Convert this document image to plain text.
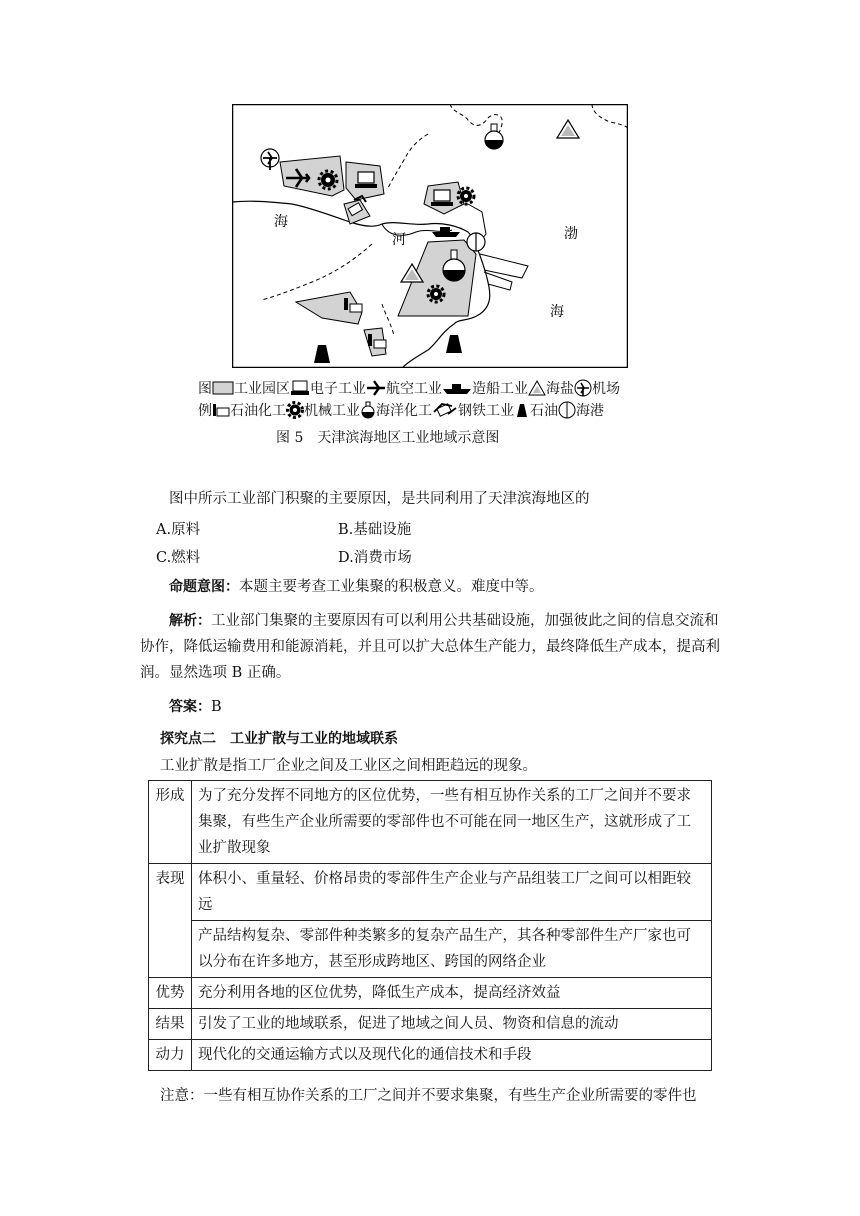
海
河	渤
海
图 工业园区 电子工业 航空工业 造船工业 海盐 机场
例 石油化工 机械工业 海洋化工 钢铁工业 石油 海港
图 5　天津滨海地区工业地域示意图
图中所示工业部门积聚的主要原因，是共同利用了天津滨海地区的
A.原料	B.基础设施
C.燃料	D.消费市场
命题意图：本题主要考查工业集聚的积极意义。难度中等。
解析：工业部门集聚的主要原因有可以利用公共基础设施，加强彼此之间的信息交流和协作，降低运输费用和能源消耗，并且可以扩大总体生产能力，最终降低生产成本，提高利润。显然选项 B 正确。
答案：B
探究点二　工业扩散与工业的地域联系
工业扩散是指工厂企业之间及工业区之间相距趋远的现象。
形成	为了充分发挥不同地方的区位优势，一些有相互协作关系的工厂之间并不要求集聚，有些生产企业所需要的零部件也不可能在同一地区生产，这就形成了工业扩散现象
表现	体积小、重量轻、价格昂贵的零部件生产企业与产品组装工厂之间可以相距较远
	产品结构复杂、零部件种类繁多的复杂产品生产，其各种零部件生产厂家也可以分布在许多地方，甚至形成跨地区、跨国的网络企业
优势	充分利用各地的区位优势，降低生产成本，提高经济效益
结果	引发了工业的地域联系，促进了地域之间人员、物资和信息的流动
动力	现代化的交通运输方式以及现代化的通信技术和手段
注意：一些有相互协作关系的工厂之间并不要求集聚，有些生产企业所需要的零件也
